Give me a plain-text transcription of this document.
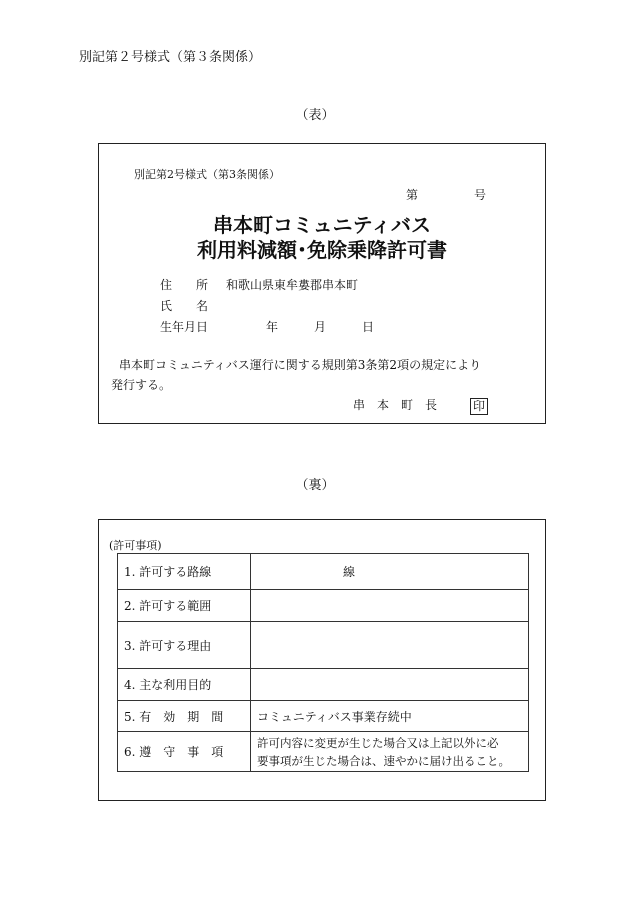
別記第２号様式（第３条関係）
（表）
別記第2号様式（第3条関係）
第	号
串本町コミュニティバス
利用料減額･免除乗降許可書
住　　所 和歌山県東牟婁郡串本町
氏　　名
生年月日	年　　　月　　　日
串本町コミュニティバス運行に関する規則第3条第2項の規定により
発行する。
串　本　町　長	印
（裏）
(許可事項)
1. 許可する路線	線
2. 許可する範囲	
3. 許可する理由	
4. 主な利用目的	
5. 有　効　期　間	コミュニティバス事業存続中
6. 遵　守　事　項	許可内容に変更が生じた場合又は上記以外に必
要事項が生じた場合は、速やかに届け出ること。
